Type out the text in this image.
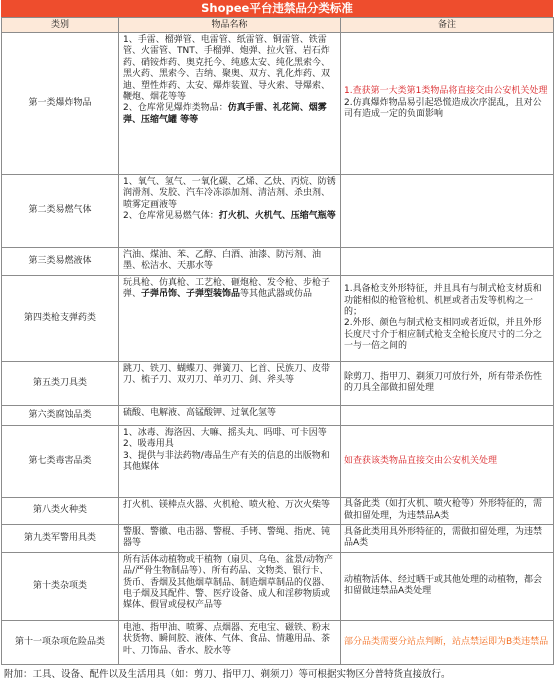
Shopee平台违禁品分类标准
类别	物品名称	备注
第一类爆炸物品	1、手雷、榴弹管、电雷管、纸雷管、铜雷管、铁雷管、火雷管、TNT、手榴弹、炮弹、拉火管、岩石炸药、硝铵炸药、奥克托今、纯感太安、纯化黑索今、黑火药、黑索今、吉纳、聚奥、双方、乳化炸药、双迪、塑性炸药、太安、爆炸装置、导火索、导爆索、鞭炮、烟花等等
2、仓库常见爆炸类物品：仿真手雷、礼花筒、烟雾弹、压缩气罐 等等	1.查获第一大类第1类物品将直接交由公安机关处理
2.仿真爆炸物品易引起恐慌造成次序混乱，且对公司有造成一定的负面影响

第二类易燃气体	1、氧气、氢气、一氧化碳、乙烯、乙炔、丙烷、防锈润滑剂、发胶、汽车冷冻添加剂、清洁剂、杀虫剂、喷雾定画液等
2、仓库常见易燃气体：打火机、火机气、压缩气瓶等	

第三类易燃液体	汽油、煤油、苯、乙醇、白酒、油漆、防污剂、油墨、松洁水、天那水等	

第四类枪支弹药类	玩具枪、仿真枪、工艺枪、砸炮枪、发令枪、步枪子弹、子弹吊饰、子弹型装饰品等其他武器或仿品	1.具备枪支外形特征，并且具有与制式枪支材质和功能相似的枪管枪机、机匣或者击发等机构之一的；
2.外形、颜色与制式枪支相同或者近似，并且外形长度尺寸介于相应制式枪支全枪长度尺寸的二分之一与一倍之间的

第五类刀具类	跳刀、铁刀、蝴蝶刀、弹簧刀、匕首、民族刀、皮带刀、梳子刀、双刃刀、单刃刀、剑、斧头等	除剪刀、指甲刀、剃须刀可放行外，所有带杀伤性的刀具全部做扣留处理

第六类腐蚀品类	硫酸、电解液、高锰酸钾、过氧化氢等	

第七类毒害品类	1、冰毒、海洛因、大嘛、摇头丸、吗啡、可卡因等
2、吸毒用具
3、提供与非法药物/毒品生产有关的信息的出版物和其他媒体	如查获该类物品直接交由公安机关处理

第八类火种类	打火机、镁棒点火器、火机枪、喷火枪、万次火柴等	具备此类（如打火机、喷火枪等）外形特征的，需做扣留处理，为违禁品A类

第九类军警用具类	警服、警徽、电击器、警棍、手铐、警绳、指虎、钝器等	具备此类用具外形特征的，需做扣留处理，为违禁品A类

第十类杂项类	所有活体动植物或干植物（扇贝、乌龟、盆景/动物产品/严骨生物制品等）、所有药品、文物类、银行卡、货币、香烟及其他烟草制品、制造烟草制品的仪器、电子烟及其配件、警、医疗设备、成人和淫秽物质或媒体、假冒或侵权产品等	动植物活体、经过晒干或其他处理的动植物，都会扣留做违禁品A类处理

第十一项杂项危险品类	电池、指甲油、喷雾、点烟器、充电宝、磁铁、粉末状货物、瞬间胶、液体、气体、食品、情趣用品、茶叶、刀饰品、香水、胶水等	部分品类需要分站点判断，站点禁运即为B类违禁品
附加：工具、设备、配件以及生活用具（如：剪刀、指甲刀、剃须刀）等可根据实物区分普特货直接放行。
